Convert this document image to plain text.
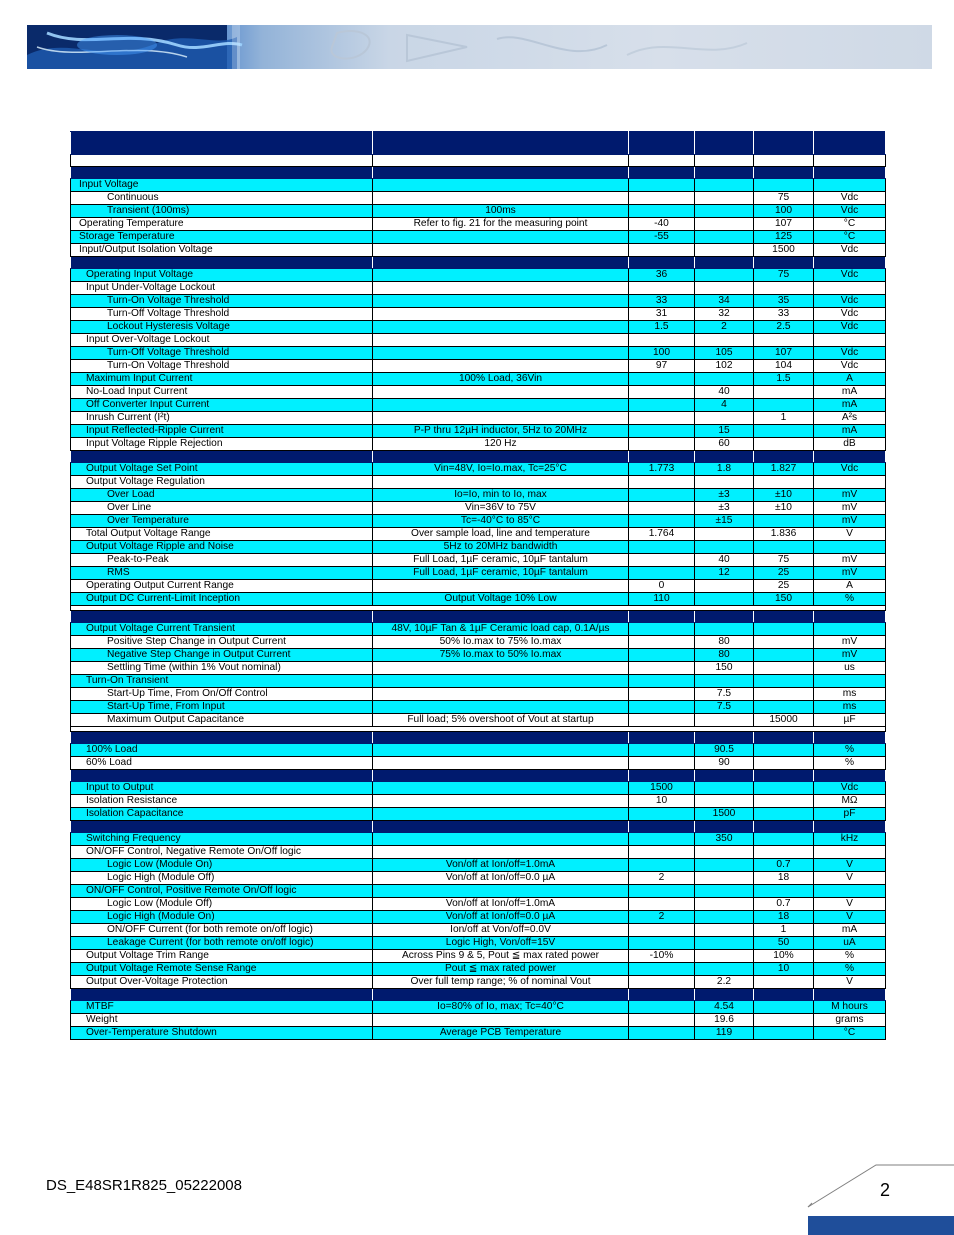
Input Voltage					
Continuous				75	Vdc
Transient (100ms)	100ms			100	Vdc
Operating Temperature	Refer to fig. 21 for the measuring point	-40		107	°C
Storage Temperature		-55		125	°C
Input/Output Isolation Voltage				1500	Vdc

Operating Input Voltage		36		75	Vdc
Input Under-Voltage Lockout					
Turn-On Voltage Threshold		33	34	35	Vdc
Turn-Off Voltage Threshold		31	32	33	Vdc
Lockout Hysteresis Voltage		1.5	2	2.5	Vdc
Input Over-Voltage Lockout					
Turn-Off Voltage Threshold		100	105	107	Vdc
Turn-On Voltage Threshold		97	102	104	Vdc
Maximum Input Current	100% Load, 36Vin			1.5	A
No-Load Input Current			40		mA
Off Converter Input Current			4		mA
Inrush Current (I²t)				1	A²s
Input Reflected-Ripple Current	P-P thru 12µH inductor, 5Hz to 20MHz		15		mA
Input Voltage Ripple Rejection	120 Hz		60		dB

Output Voltage Set Point	Vin=48V, Io=Io.max, Tc=25°C	1.773	1.8	1.827	Vdc
Output Voltage Regulation					
Over Load	Io=Io, min to Io, max		±3	±10	mV
Over Line	Vin=36V to 75V		±3	±10	mV
Over Temperature	Tc=-40°C to 85°C		±15		mV
Total Output Voltage Range	Over sample load, line and temperature	1.764		1.836	V
Output Voltage Ripple and Noise	5Hz to 20MHz bandwidth				
Peak-to-Peak	Full Load, 1µF ceramic, 10µF tantalum		40	75	mV
RMS	Full Load, 1µF ceramic, 10µF tantalum		12	25	mV
Operating Output Current Range		0		25	A
Output DC Current-Limit Inception	Output Voltage 10% Low	110		150	%

Output Voltage Current Transient	48V, 10µF Tan & 1µF Ceramic load cap, 0.1A/µs				
Positive Step Change in Output Current	50% Io.max to 75% Io.max		80		mV
Negative Step Change in Output Current	75% Io.max to 50% Io.max		80		mV
Settling Time (within 1% Vout nominal)			150		us
Turn-On Transient					
Start-Up Time, From On/Off Control			7.5		ms
Start-Up Time, From Input			7.5		ms
Maximum Output Capacitance	Full load; 5% overshoot of Vout at startup			15000	µF

100% Load			90.5		%
60% Load			90		%

Input to Output		1500			Vdc
Isolation Resistance		10			MΩ
Isolation Capacitance			1500		pF

Switching Frequency			350		kHz
ON/OFF Control, Negative Remote On/Off logic					
Logic Low (Module On)	Von/off at Ion/off=1.0mA			0.7	V
Logic High (Module Off)	Von/off at Ion/off=0.0 µA	2		18	V
ON/OFF Control, Positive Remote On/Off logic					
Logic Low (Module Off)	Von/off at Ion/off=1.0mA			0.7	V
Logic High (Module On)	Von/off at Ion/off=0.0 µA	2		18	V
ON/OFF Current (for both remote on/off logic)	Ion/off at Von/off=0.0V			1	mA
Leakage Current (for both remote on/off logic)	Logic High, Von/off=15V			50	uA
Output Voltage Trim Range	Across Pins 9 & 5, Pout ≦ max rated power	-10%		10%	%
Output Voltage Remote Sense Range	Pout ≦ max rated power			10	%
Output Over-Voltage Protection	Over full temp range; % of nominal Vout		2.2		V

MTBF	Io=80% of Io, max; Tc=40°C		4.54		M hours
Weight			19.6		grams
Over-Temperature Shutdown	Average PCB Temperature		119		°C
DS_E48SR1R825_05222008	2
